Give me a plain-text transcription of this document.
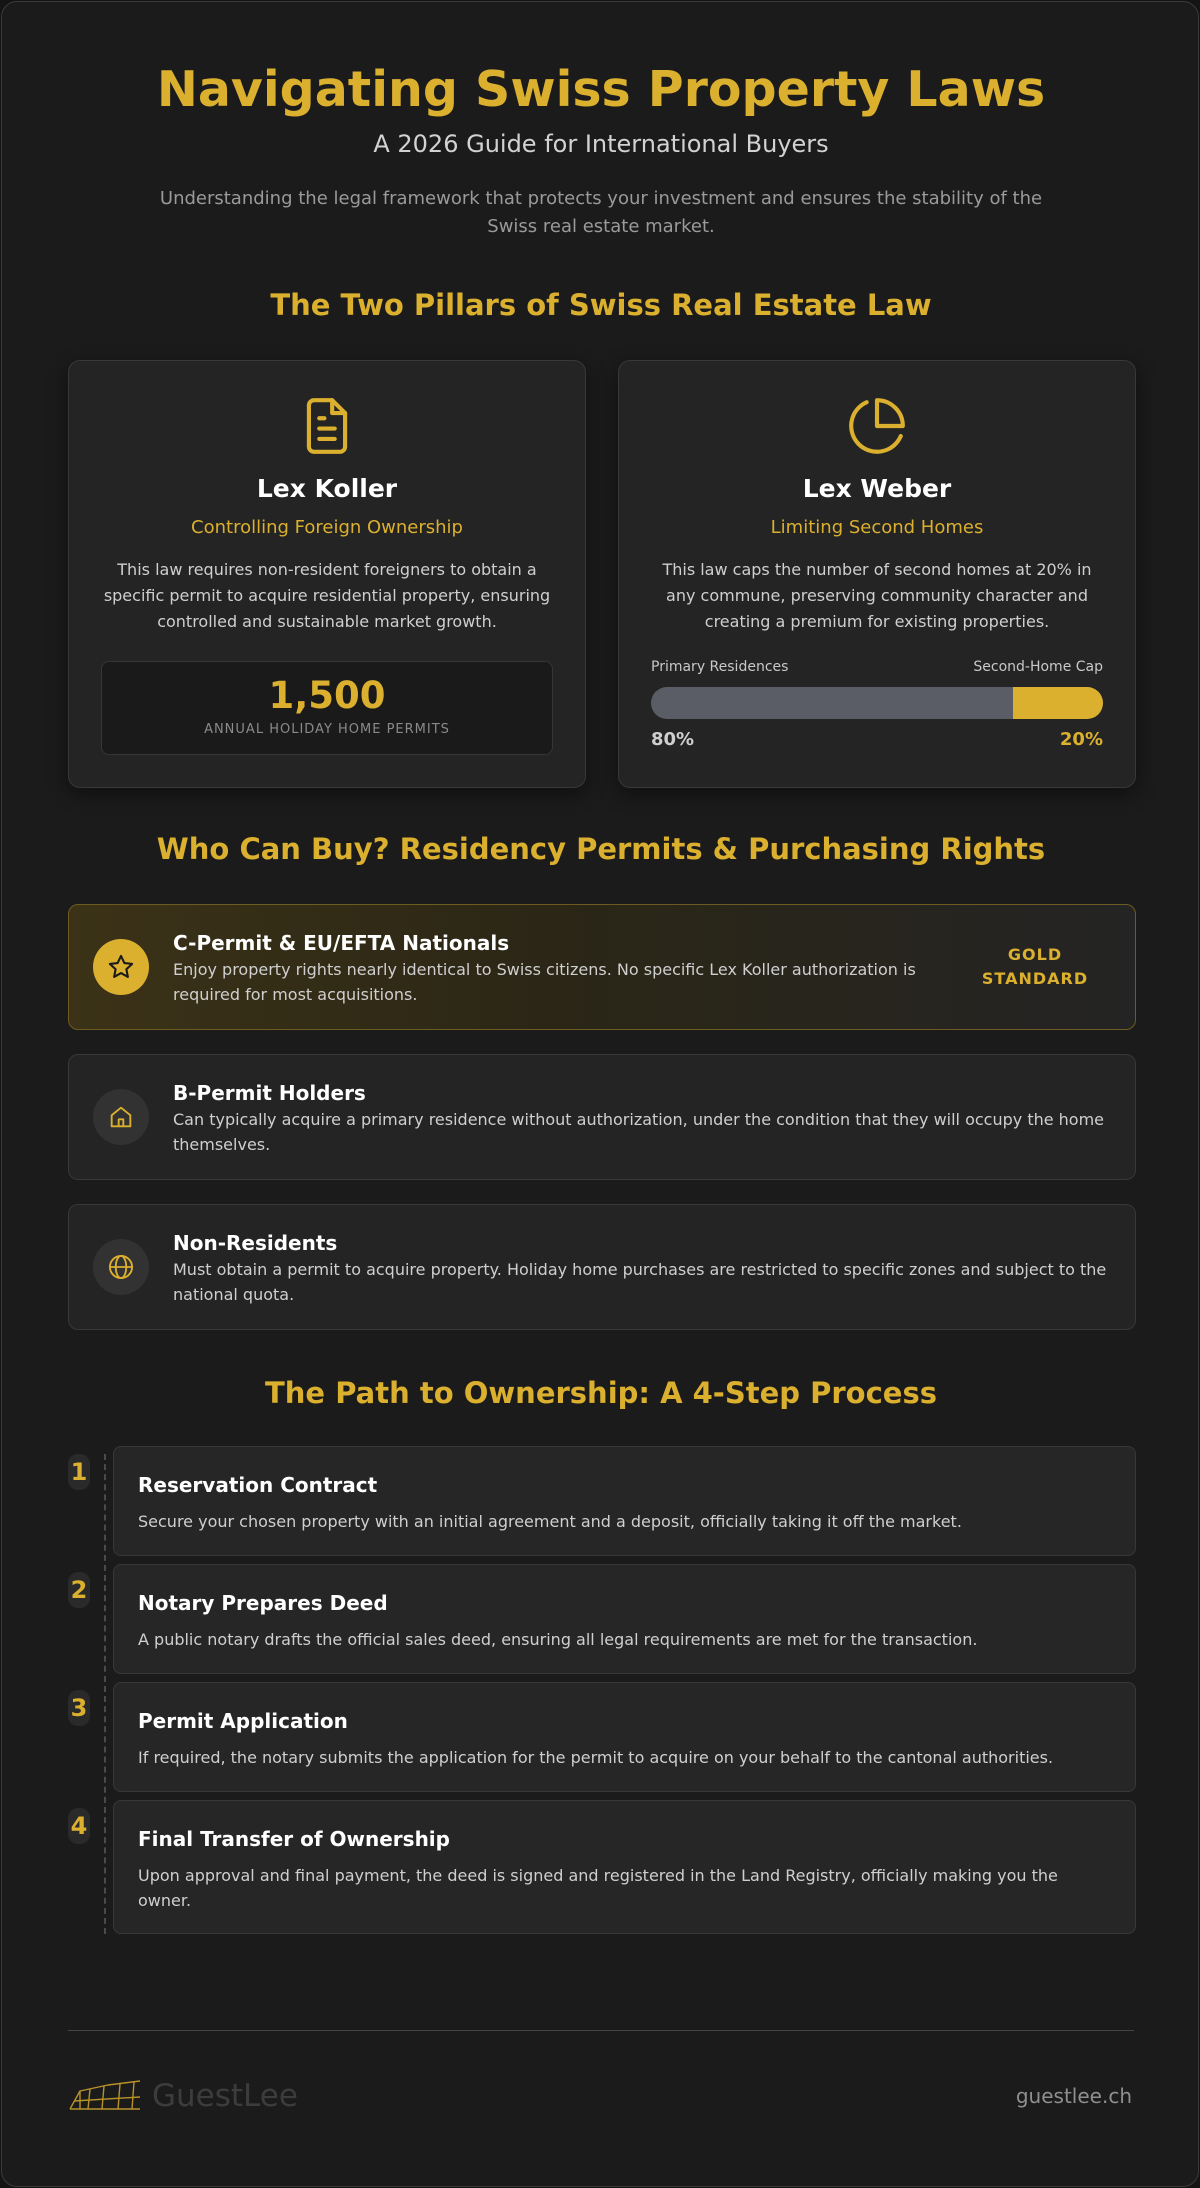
Navigating Swiss Property Laws
A 2026 Guide for International Buyers
Understanding the legal framework that protects your investment and ensures the stability of the Swiss real estate market.
The Two Pillars of Swiss Real Estate Law
Lex Koller
Controlling Foreign Ownership
This law requires non-resident foreigners to obtain a specific permit to acquire residential property, ensuring controlled and sustainable market growth.
1,500
ANNUAL HOLIDAY HOME PERMITS
Lex Weber
Limiting Second Homes
This law caps the number of second homes at 20% in any commune, preserving community character and creating a premium for existing properties.
Primary Residences	Second-Home Cap
80%	20%
Who Can Buy? Residency Permits & Purchasing Rights
C-Permit & EU/EFTA Nationals
Enjoy property rights nearly identical to Swiss citizens. No specific Lex Koller authorization is required for most acquisitions.
GOLD STANDARD
B-Permit Holders
Can typically acquire a primary residence without authorization, under the condition that they will occupy the home themselves.
Non-Residents
Must obtain a permit to acquire property. Holiday home purchases are restricted to specific zones and subject to the national quota.
The Path to Ownership: A 4-Step Process
1	Reservation Contract
Secure your chosen property with an initial agreement and a deposit, officially taking it off the market.
2	Notary Prepares Deed
A public notary drafts the official sales deed, ensuring all legal requirements are met for the transaction.
3	Permit Application
If required, the notary submits the application for the permit to acquire on your behalf to the cantonal authorities.
4	Final Transfer of Ownership
Upon approval and final payment, the deed is signed and registered in the Land Registry, officially making you the owner.
GuestLee	guestlee.ch
